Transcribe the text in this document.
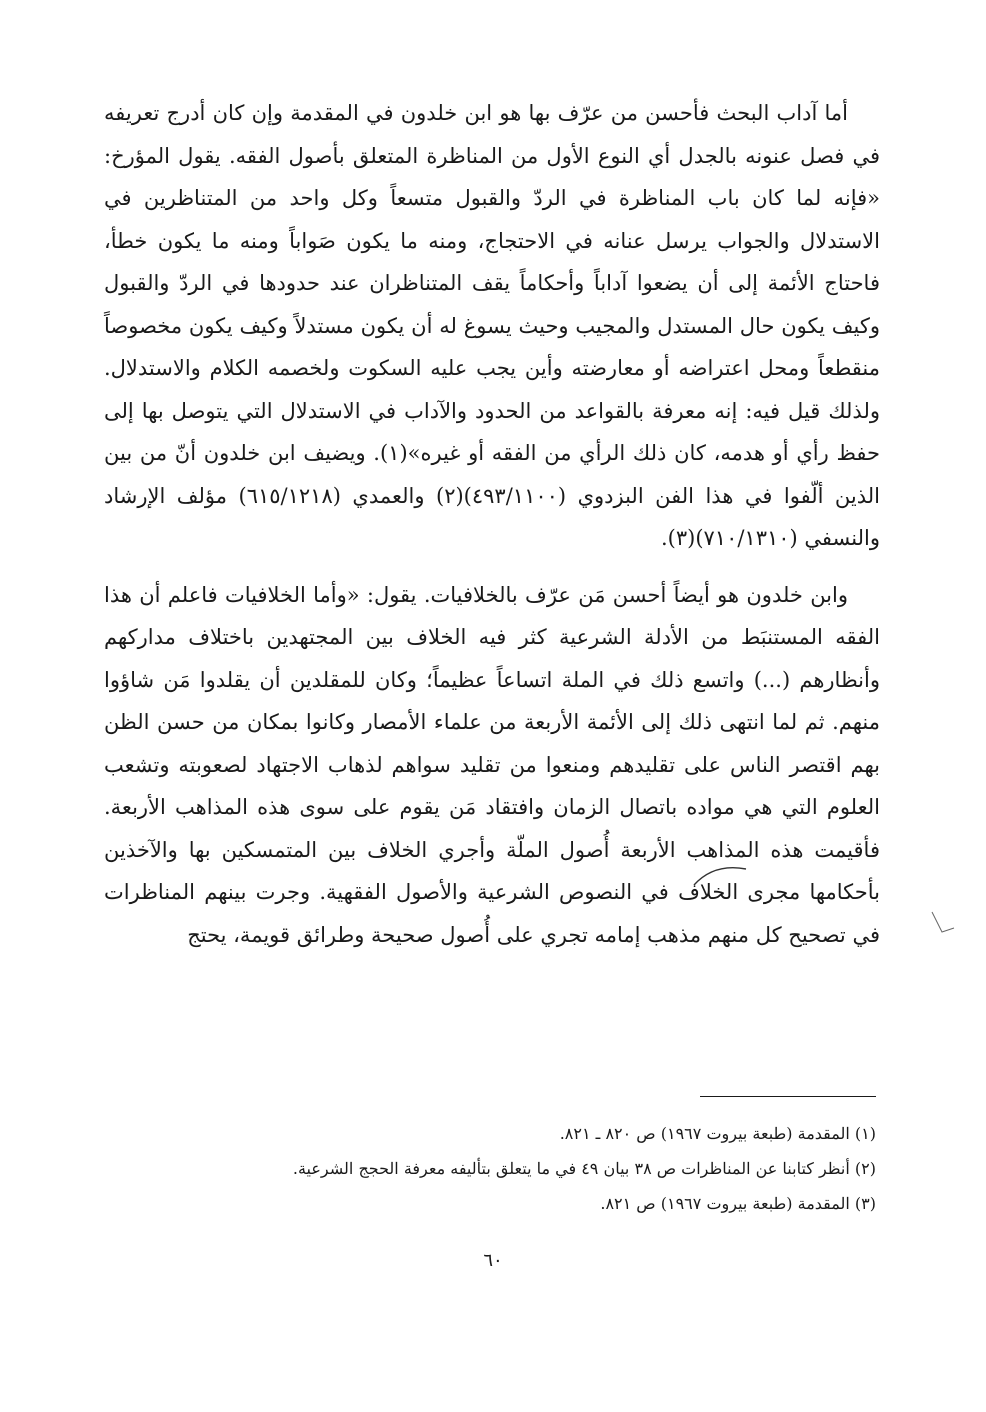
أما آداب البحث فأحسن من عرّف بها هو ابن خلدون في المقدمة وإن كان أدرج تعريفه في فصل عنونه بالجدل أي النوع الأول من المناظرة المتعلق بأصول الفقه. يقول المؤرخ: «فإنه لما كان باب المناظرة في الردّ والقبول متسعاً وكل واحد من المتناظرين في الاستدلال والجواب يرسل عنانه في الاحتجاج، ومنه ما يكون صَواباً ومنه ما يكون خطأ، فاحتاج الأئمة إلى أن يضعوا آداباً وأحكاماً يقف المتناظران عند حدودها في الردّ والقبول وكيف يكون حال المستدل والمجيب وحيث يسوغ له أن يكون مستدلاً وكيف يكون مخصوصاً منقطعاً ومحل اعتراضه أو معارضته وأين يجب عليه السكوت ولخصمه الكلام والاستدلال. ولذلك قيل فيه: إنه معرفة بالقواعد من الحدود والآداب في الاستدلال التي يتوصل بها إلى حفظ رأي أو هدمه، كان ذلك الرأي من الفقه أو غيره»(١). ويضيف ابن خلدون أنّ من بين الذين ألّفوا في هذا الفن البزدوي (٤٩٣/١١٠٠)(٢) والعمدي (٦١٥/١٢١٨) مؤلف الإرشاد والنسفي (٧١٠/١٣١٠)(٣).

وابن خلدون هو أيضاً أحسن مَن عرّف بالخلافيات. يقول: «وأما الخلافيات فاعلم أن هذا الفقه المستنبَط من الأدلة الشرعية كثر فيه الخلاف بين المجتهدين باختلاف مداركهم وأنظارهم (...) واتسع ذلك في الملة اتساعاً عظيماً؛ وكان للمقلدين أن يقلدوا مَن شاؤوا منهم. ثم لما انتهى ذلك إلى الأئمة الأربعة من علماء الأمصار وكانوا بمكان من حسن الظن بهم اقتصر الناس على تقليدهم ومنعوا من تقليد سواهم لذهاب الاجتهاد لصعوبته وتشعب العلوم التي هي مواده باتصال الزمان وافتقاد مَن يقوم على سوى هذه المذاهب الأربعة. فأقيمت هذه المذاهب الأربعة أُصول الملّة وأجري الخلاف بين المتمسكين بها والآخذين بأحكامها مجرى الخلاف في النصوص الشرعية والأصول الفقهية. وجرت بينهم المناظرات في تصحيح كل منهم مذهب إمامه تجري على أُصول صحيحة وطرائق قويمة، يحتج

(١) المقدمة (طبعة بيروت ١٩٦٧) ص ٨٢٠ ـ ٨٢١.

(٢) أنظر كتابنا عن المناظرات ص ٣٨ بيان ٤٩ في ما يتعلق بتأليفه معرفة الحجج الشرعية.

(٣) المقدمة (طبعة بيروت ١٩٦٧) ص ٨٢١.

٦٠
